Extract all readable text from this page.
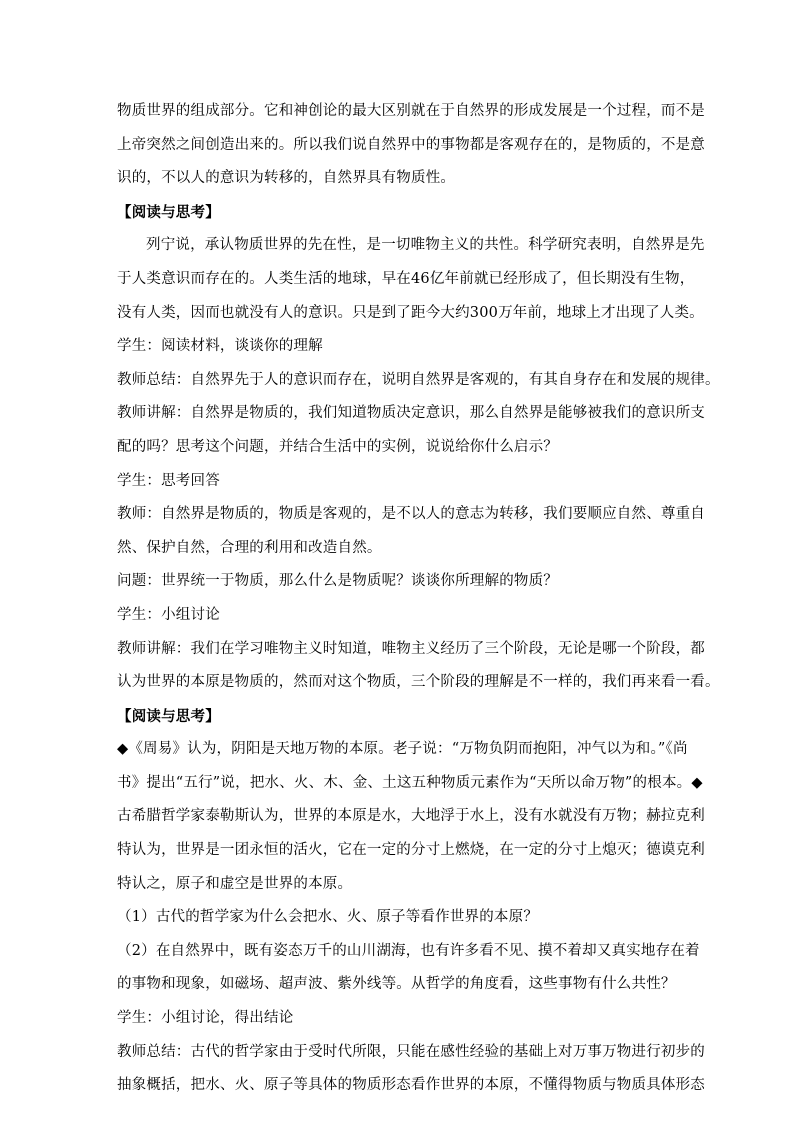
物质世界的组成部分。它和神创论的最大区别就在于自然界的形成发展是一个过程，而不是
上帝突然之间创造出来的。所以我们说自然界中的事物都是客观存在的，是物质的，不是意
识的，不以人的意识为转移的，自然界具有物质性。
【阅读与思考】
列宁说，承认物质世界的先在性，是一切唯物主义的共性。科学研究表明，自然界是先
于人类意识而存在的。人类生活的地球，早在46亿年前就已经形成了，但长期没有生物，
没有人类，因而也就没有人的意识。只是到了距今大约300万年前，地球上才出现了人类。
学生：阅读材料，谈谈你的理解
教师总结：自然界先于人的意识而存在，说明自然界是客观的，有其自身存在和发展的规律。
教师讲解：自然界是物质的，我们知道物质决定意识，那么自然界是能够被我们的意识所支
配的吗？思考这个问题，并结合生活中的实例，说说给你什么启示？
学生：思考回答
教师：自然界是物质的，物质是客观的，是不以人的意志为转移，我们要顺应自然、尊重自
然、保护自然，合理的利用和改造自然。
问题：世界统一于物质，那么什么是物质呢？谈谈你所理解的物质？
学生：小组讨论
教师讲解：我们在学习唯物主义时知道，唯物主义经历了三个阶段，无论是哪一个阶段，都
认为世界的本原是物质的，然而对这个物质，三个阶段的理解是不一样的，我们再来看一看。
【阅读与思考】
◆《周易》认为，阴阳是天地万物的本原。老子说：“万物负阴而抱阳，冲气以为和。”《尚
书》提出“五行”说，把水、火、木、金、土这五种物质元素作为“天所以命万物”的根本。◆
古希腊哲学家泰勒斯认为，世界的本原是水，大地浮于水上，没有水就没有万物；赫拉克利
特认为，世界是一团永恒的活火，它在一定的分寸上燃烧，在一定的分寸上熄灭；德谟克利
特认之，原子和虚空是世界的本原。
（1）古代的哲学家为什么会把水、火、原子等看作世界的本原？
（2）在自然界中，既有姿态万千的山川湖海，也有许多看不见、摸不着却又真实地存在着
的事物和现象，如磁场、超声波、紫外线等。从哲学的角度看，这些事物有什么共性？
学生：小组讨论，得出结论
教师总结：古代的哲学家由于受时代所限，只能在感性经验的基础上对万事万物进行初步的
抽象概括，把水、火、原子等具体的物质形态看作世界的本原，不懂得物质与物质具体形态
